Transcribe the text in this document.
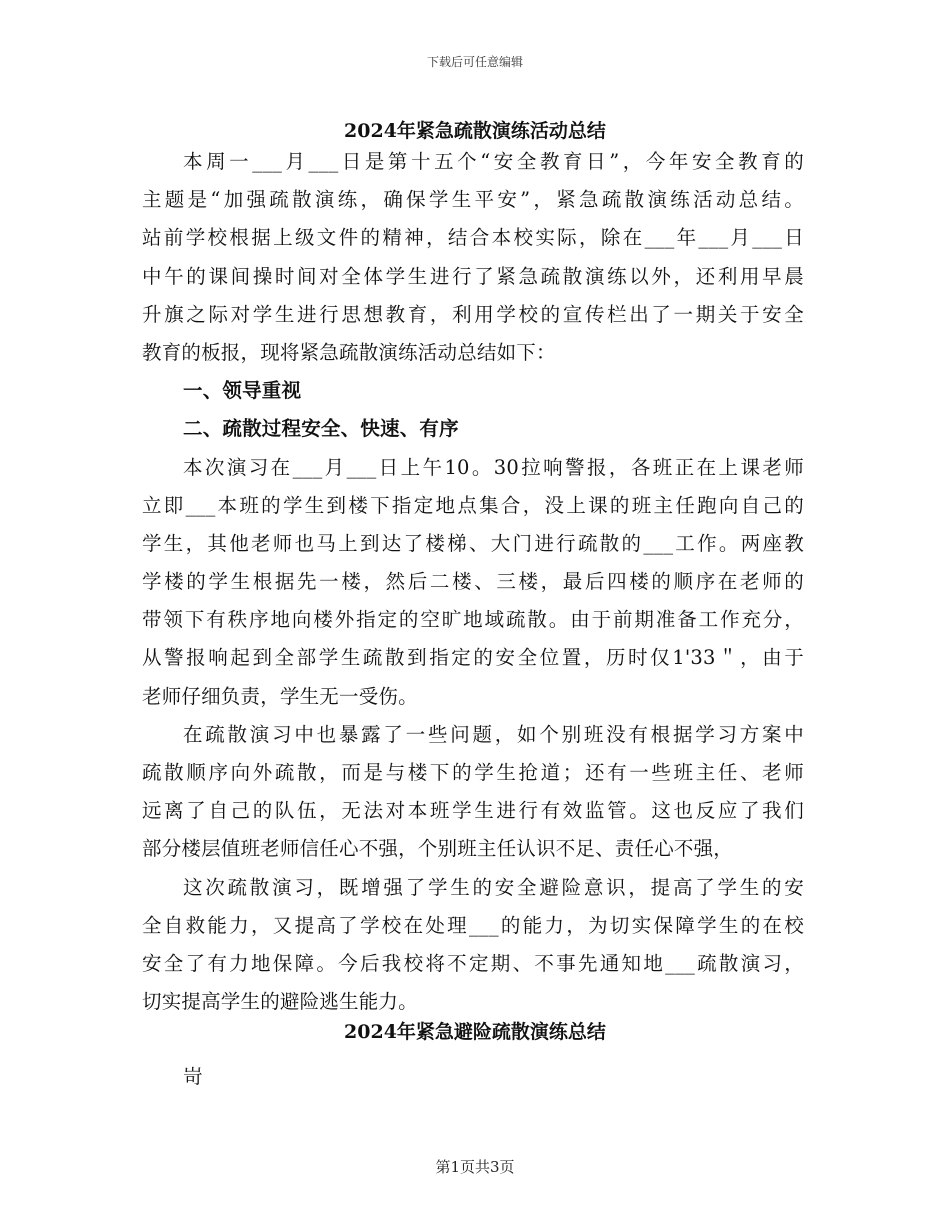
下载后可任意编辑
2024年紧急疏散演练活动总结
本周一___月___日是第十五个“安全教育日”，今年安全教育的
主题是“加强疏散演练，确保学生平安”，紧急疏散演练活动总结。
站前学校根据上级文件的精神，结合本校实际，除在___年___月___日
中午的课间操时间对全体学生进行了紧急疏散演练以外，还利用早晨
升旗之际对学生进行思想教育，利用学校的宣传栏出了一期关于安全
教育的板报，现将紧急疏散演练活动总结如下：
一、领导重视
二、疏散过程安全、快速、有序
本次演习在___月___日上午10。30拉响警报，各班正在上课老师
立即___本班的学生到楼下指定地点集合，没上课的班主任跑向自己的
学生，其他老师也马上到达了楼梯、大门进行疏散的___工作。两座教
学楼的学生根据先一楼，然后二楼、三楼，最后四楼的顺序在老师的
带领下有秩序地向楼外指定的空旷地域疏散。由于前期准备工作充分，
从警报响起到全部学生疏散到指定的安全位置，历时仅1'33＂，由于
老师仔细负责，学生无一受伤。
在疏散演习中也暴露了一些问题，如个别班没有根据学习方案中
疏散顺序向外疏散，而是与楼下的学生抢道；还有一些班主任、老师
远离了自己的队伍，无法对本班学生进行有效监管。这也反应了我们
部分楼层值班老师信任心不强，个别班主任认识不足、责任心不强，
这次疏散演习，既增强了学生的安全避险意识，提高了学生的安
全自救能力，又提高了学校在处理___的能力，为切实保障学生的在校
安全了有力地保障。今后我校将不定期、不事先通知地___疏散演习，
切实提高学生的避险逃生能力。
2024年紧急避险疏散演练总结
岢
第1页共3页
